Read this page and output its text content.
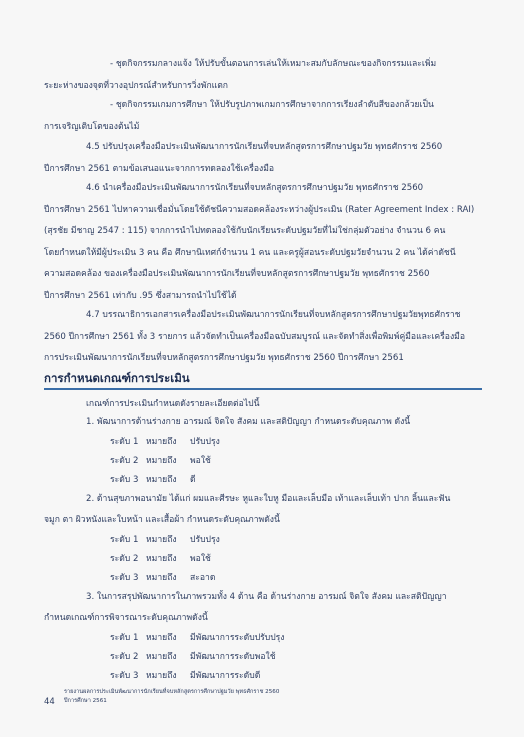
- ชุดกิจกรรมกลางแจ้ง ให้ปรับขั้นตอนการเล่นให้เหมาะสมกับลักษณะของกิจกรรมและเพิ่ม
ระยะห่างของจุดที่วางอุปกรณ์สำหรับการวิ่งพักแตก
- ชุดกิจกรรมเกมการศึกษา ให้ปรับรูปภาพเกมการศึกษาจากการเรียงลำดับสีของกล้วยเป็น
การเจริญเติบโตของต้นไม้
4.5 ปรับปรุงเครื่องมือประเมินพัฒนาการนักเรียนที่จบหลักสูตรการศึกษาปฐมวัย พุทธศักราช 2560
ปีการศึกษา 2561 ตามข้อเสนอแนะจากการทดลองใช้เครื่องมือ
4.6 นำเครื่องมือประเมินพัฒนาการนักเรียนที่จบหลักสูตรการศึกษาปฐมวัย พุทธศักราช 2560
ปีการศึกษา 2561 ไปหาความเชื่อมั่นโดยใช้ดัชนีความสอดคล้องระหว่างผู้ประเมิน (Rater Agreement Index : RAI)
(สุรชัย มีชาญ 2547 : 115) จากการนำไปทดลองใช้กับนักเรียนระดับปฐมวัยที่ไม่ใช่กลุ่มตัวอย่าง จำนวน 6 คน
โดยกำหนดให้มีผู้ประเมิน 3 คน คือ ศึกษานิเทศก์จำนวน 1 คน และครูผู้สอนระดับปฐมวัยจำนวน 2 คน ได้ค่าดัชนี
ความสอดคล้อง ของเครื่องมือประเมินพัฒนาการนักเรียนที่จบหลักสูตรการศึกษาปฐมวัย พุทธศักราช 2560
ปีการศึกษา 2561 เท่ากับ .95 ซึ่งสามารถนำไปใช้ได้
4.7 บรรณาธิการเอกสารเครื่องมือประเมินพัฒนาการนักเรียนที่จบหลักสูตรการศึกษาปฐมวัยพุทธศักราช
2560 ปีการศึกษา 2561 ทั้ง 3 รายการ แล้วจัดทำเป็นเครื่องมือฉบับสมบูรณ์ และจัดทำสิ่งเพื่อพิมพ์คู่มือและเครื่องมือ
การประเมินพัฒนาการนักเรียนที่จบหลักสูตรการศึกษาปฐมวัย พุทธศักราช 2560 ปีการศึกษา 2561
การกำหนดเกณฑ์การประเมิน
เกณฑ์การประเมินกำหนดดังรายละเอียดต่อไปนี้
1. พัฒนาการด้านร่างกาย อารมณ์ จิตใจ สังคม และสติปัญญา กำหนดระดับคุณภาพ ดังนี้
ระดับ 1 หมายถึง ปรับปรุง
ระดับ 2 หมายถึง พอใช้
ระดับ 3 หมายถึง ดี
2. ด้านสุขภาพอนามัย ได้แก่ ผมและศีรษะ หูและใบหู มือและเล็บมือ เท้าและเล็บเท้า ปาก ลิ้นและฟัน
จมูก ตา ผิวหนังและใบหน้า และเสื้อผ้า กำหนดระดับคุณภาพดังนี้
ระดับ 1 หมายถึง ปรับปรุง
ระดับ 2 หมายถึง พอใช้
ระดับ 3 หมายถึง สะอาด
3. ในการสรุปพัฒนาการในภาพรวมทั้ง 4 ด้าน คือ ด้านร่างกาย อารมณ์ จิตใจ สังคม และสติปัญญา
กำหนดเกณฑ์การพิจารณาระดับคุณภาพดังนี้
ระดับ 1 หมายถึง มีพัฒนาการระดับปรับปรุง
ระดับ 2 หมายถึง มีพัฒนาการระดับพอใช้
ระดับ 3 หมายถึง มีพัฒนาการระดับดี
44
รายงานผลการประเมินพัฒนาการนักเรียนที่จบหลักสูตรการศึกษาปฐมวัย พุทธศักราช 2560
ปีการศึกษา 2561
